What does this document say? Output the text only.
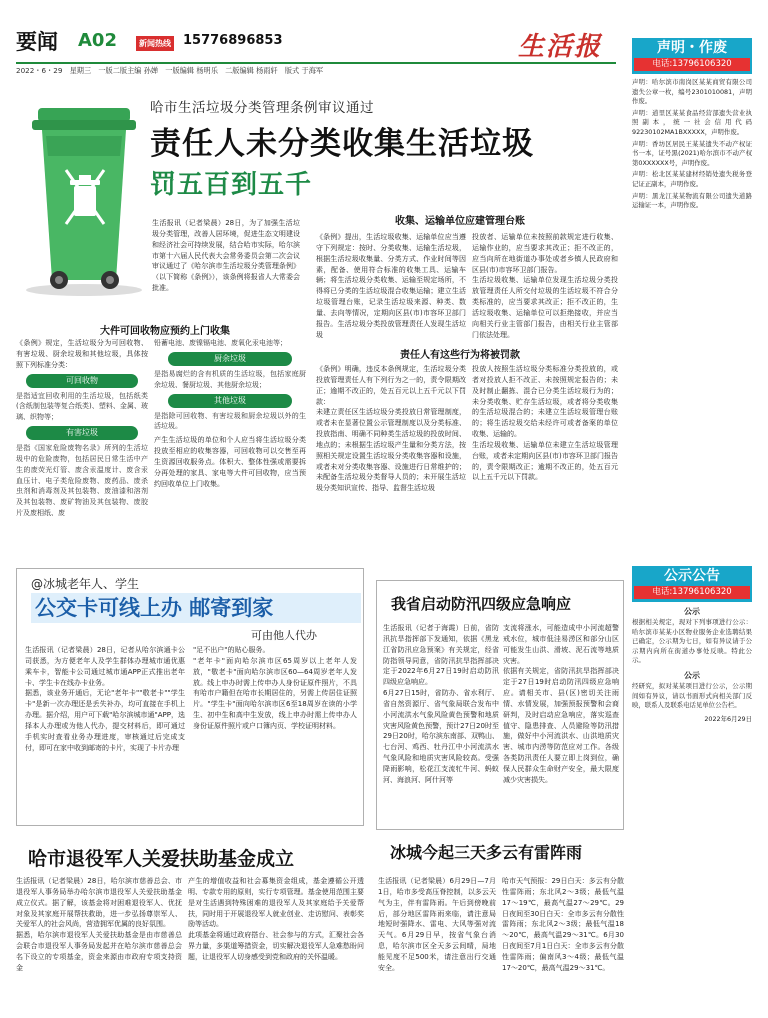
要闻 A02	新闻热线 15776896853	生活报
2022・6・29　星期三　一版二版主编 孙婵　一版编辑 杨明乐　二版编辑 杨雨轩　版式 于海军
声明・作废
电话:13796106320
哈市生活垃圾分类管理条例审议通过
责任人未分类收集生活垃圾
罚五百到五千

生活报讯（记者梁晨）28日，为了加强生活垃圾分类管理，改善人居环境，促进生态文明建设和经济社会可持续发展，结合哈市实际，哈尔滨市第十六届人民代表大会常务委员会第二次会议审议通过了《哈尔滨市生活垃圾分类管理条例》（以下简称《条例》），该条例将报省人大常委会批准。

大件可回收物应预约上门收集

《条例》规定，生活垃圾分为可回收物、有害垃圾、厨余垃圾和其他垃圾，具体按照下列标准分类：

可回收物

是指适宜回收利用的生活垃圾，包括纸类(含纸制包装等复合纸类)、塑料、金属、玻璃、织物等；

有害垃圾

是指《国家危险废物名录》所列的生活垃圾中的危险废物，包括居民日常生活中产生的废荧光灯管、废含汞温度计、废含汞血压计、电子类危险废物、废药品、废杀虫剂和消毒剂及其包装物、废油漆和溶剂及其包装物、废矿物油及其包装物、废胶片及废相纸、废

铅蓄电池、废镍镉电池、废氧化汞电池等；

厨余垃圾

是指易腐烂的含有机质的生活垃圾，包括家庭厨余垃圾、餐厨垃圾、其他厨余垃圾；

其他垃圾

是指除可回收物、有害垃圾和厨余垃圾以外的生活垃圾。

产生生活垃圾的单位和个人应当将生活垃圾分类投放至相应的收集容器，可回收物可以交售至再生资源回收服务点。体积大、整体性强或需要拆分再处理的家具、家电等大件可回收物，应当预约回收单位上门收集。

收集、运输单位应建管理台账

《条例》提出，生活垃圾收集、运输单位应当遵守下列规定：按时、分类收集、运输生活垃圾，根据生活垃圾收集量、分类方式、作业时间等因素，配备、使用符合标准的收集工具、运输车辆；将生活垃圾分类收集、运输至规定场所，不得将已分类的生活垃圾混合收集运输；建立生活垃圾管理台账，记录生活垃圾来源、种类、数量、去向等情况，定期向区县(市)市容环卫部门报告。生活垃圾分类投放管理责任人发现生活垃圾

投放者、运输单位未按照前款规定进行收集、运输作业的，应当要求其改正；拒不改正的，应当向所在地街道办事处或者乡镇人民政府和区县(市)市容环卫部门报告。

生活垃圾收集、运输单位发现生活垃圾分类投放管理责任人所交付垃圾的生活垃圾不符合分类标准的，应当要求其改正；拒不改正的，生活垃圾收集、运输单位可以拒绝接收，并应当向相关行业主管部门报告，由相关行业主管部门依法处理。

责任人有这些行为将被罚款

《条例》明确，违反本条例规定，生活垃圾分类投放管理责任人有下列行为之一的，责令限期改正；逾期不改正的，处五百元以上五千元以下罚款：

未建立责任区生活垃圾分类投放日常管理制度，或者未在显著位置公示管理制度以及分类标准、投放指南、明确不同种类生活垃圾的投放时间、地点的；未根据生活垃圾产生量和分类方法，按照相关规定设置生活垃圾分类收集容器和设施，或者未对分类收集容器、设施进行日常维护的；未配备生活垃圾分类督导人员的；未开展生活垃圾分类知识宣传、指导、监督生活垃圾

投放人按照生活垃圾分类标准分类投放的，或者对投放人拒不改正、未按照规定报告的；未及时制止翻拣、混合已分类生活垃圾行为的；未分类收集、贮存生活垃圾，或者将分类收集的生活垃圾混合的；未建立生活垃圾管理台账的；将生活垃圾交给未经许可或者备案的单位收集、运输的。

生活垃圾收集、运输单位未建立生活垃圾管理台账，或者未定期向区县(市)市容环卫部门报告的，责令限期改正；逾期不改正的，处五百元以上五千元以下罚款。

声明：哈尔滨市南岗区某某商贸有限公司遗失公章一枚，编号2301010081，声明作废。

声明：道里区某某食品经营部遗失营业执照副本，统一社会信用代码92230102MA1BXXXXX，声明作废。

声明：香坊区居民王某某遗失不动产权证书一本，证号黑(2021)哈尔滨市不动产权第0XXXXXX号，声明作废。

声明：松北区某某建材经销处遗失税务登记证正副本，声明作废。

声明：黑龙江某某物流有限公司遗失道路运输证一本，声明作废。

公示公告
电话:13796106320
公示

根据相关规定，现对下列事项进行公示：哈尔滨市某某小区物业服务企业选聘结果已确定，公示期为七日，如有异议请于公示期内向所在街道办事处反映。特此公示。

公示

经研究，拟对某某项目进行公示，公示期间如有异议，请以书面形式向相关部门反映，联系人及联系电话见单位公告栏。

2022年6月29日

@冰城老年人、学生
公交卡可线上办 邮寄到家
可由他人代办

生活报讯（记者梁晨）28日，记者从哈尔滨通卡公司获悉，为方便老年人及学生群体办理城市通优惠乘车卡，智能卡公司通过城市通APP正式推出老年卡、学生卡在线办卡业务。

据悉，该业务开通后，无论"老年卡""敬老卡""学生卡"是新一次办理还是丢失补办，均可直接在手机上办理。据介绍，用户可下载"哈尔滨城市通"APP，选择本人办理或为他人代办，提交材料后，即可通过手机实时查看业务办理进度，审核通过后完成支付，即可在家中收到邮寄的卡片，实现了卡片办理

"足不出户"的贴心服务。

"老年卡"面向哈尔滨市区65周岁以上老年人发放，"敬老卡"面向哈尔滨市区60—64周岁老年人发放。线上申办时需上传申办人身份证原件照片，不具有哈市户籍但在哈市长期居住的，另需上传居住证照片。"学生卡"面向哈尔滨市区6至18周岁在读的小学生、初中生和高中生发放，线上申办时需上传申办人身份证原件照片或户口簿内页、学校证明材料。

我省启动防汛四级应急响应

生活报讯（记者于海霞）日前，省防汛抗旱指挥部下发通知，依据《黑龙江省防汛应急预案》有关规定，经省防指领导同意，省防汛抗旱指挥部决定于2022年6月27日19时启动防汛四级应急响应。

6月27日15时，省防办、省水利厅、省自然资源厅、省气象局联合发布中小河流洪水气象风险黄色预警和地质灾害风险黄色预警，预计27日20时至29日20时，哈尔滨东南部、双鸭山、七台河、鸡西、牡丹江中小河流洪水气象风险和地质灾害风险较高。受强降雨影响，松花江支流牤牛河、蚂蚁河、海浪河、阿什河等

支流将涨水，可能造成中小河流超警戒水位，城市低洼易涝区和部分山区可能发生山洪、滑坡、泥石流等地质灾害。

依据有关规定，省防汛抗旱指挥部决定于27日19时启动防汛四级应急响应。请相关市、县(区)密切关注雨情、水情发展，加强预报预警和会商研判，及时启动应急响应，落实巡查值守、隐患排查、人员避险等防汛措施，做好中小河流洪水、山洪地质灾害、城市内涝等防范应对工作。各级各类防汛责任人要立即上岗到位，确保人民群众生命财产安全，最大限度减少灾害损失。

哈市退役军人关爱扶助基金成立

生活报讯（记者梁晨）28日，哈尔滨市慈善总会、市退役军人事务局举办哈尔滨市退役军人关爱扶助基金成立仪式。据了解，该基金将对困难退役军人、优抚对象及其家庭开展帮扶救助，进一步弘扬尊崇军人、关爱军人的社会风尚，营造拥军优属的良好氛围。

据悉，哈尔滨市退役军人关爱扶助基金是由市慈善总会联合市退役军人事务局发起并在哈尔滨市慈善总会名下设立的专项基金，资金来源由市政府专项支持资金

产生的增值收益和社会募集资金组成，基金遵循公开透明、专款专用的原则，实行专项管理。基金使用范围主要是对生活遇到特殊困难的退役军人及其家庭给予关爱帮扶，同时用于开展退役军人就业创业、走访慰问、表彰奖励等活动。

此项基金将通过政府搭台、社会参与的方式，汇聚社会各界力量，多渠道筹措资金，切实解决退役军人急难愁盼问题，让退役军人切身感受到党和政府的关怀温暖。

冰城今起三天多云有雷阵雨

生活报讯（记者梁晨）6月29日—7月1日，哈市多受高压脊控制，以多云天气为主，伴有雷阵雨。午后到傍晚前后，部分地区雷阵雨来临，请注意局地短时强降水、雷电、大风等强对流天气。6月29日早，按省气象台消息，哈尔滨市区全天多云间晴，局地能见度不足500米，请注意出行交通安全。

哈市天气预报：29日白天：多云有分散性雷阵雨；东北风2～3级；最低气温17～19℃，最高气温27～29℃。29日夜间至30日白天：全市多云有分散性雷阵雨；东北风2～3级；最低气温18～20℃，最高气温29～31℃。6月30日夜间至7月1日白天：全市多云有分散性雷阵雨；偏南风3～4级；最低气温17～20℃，最高气温29～31℃。
